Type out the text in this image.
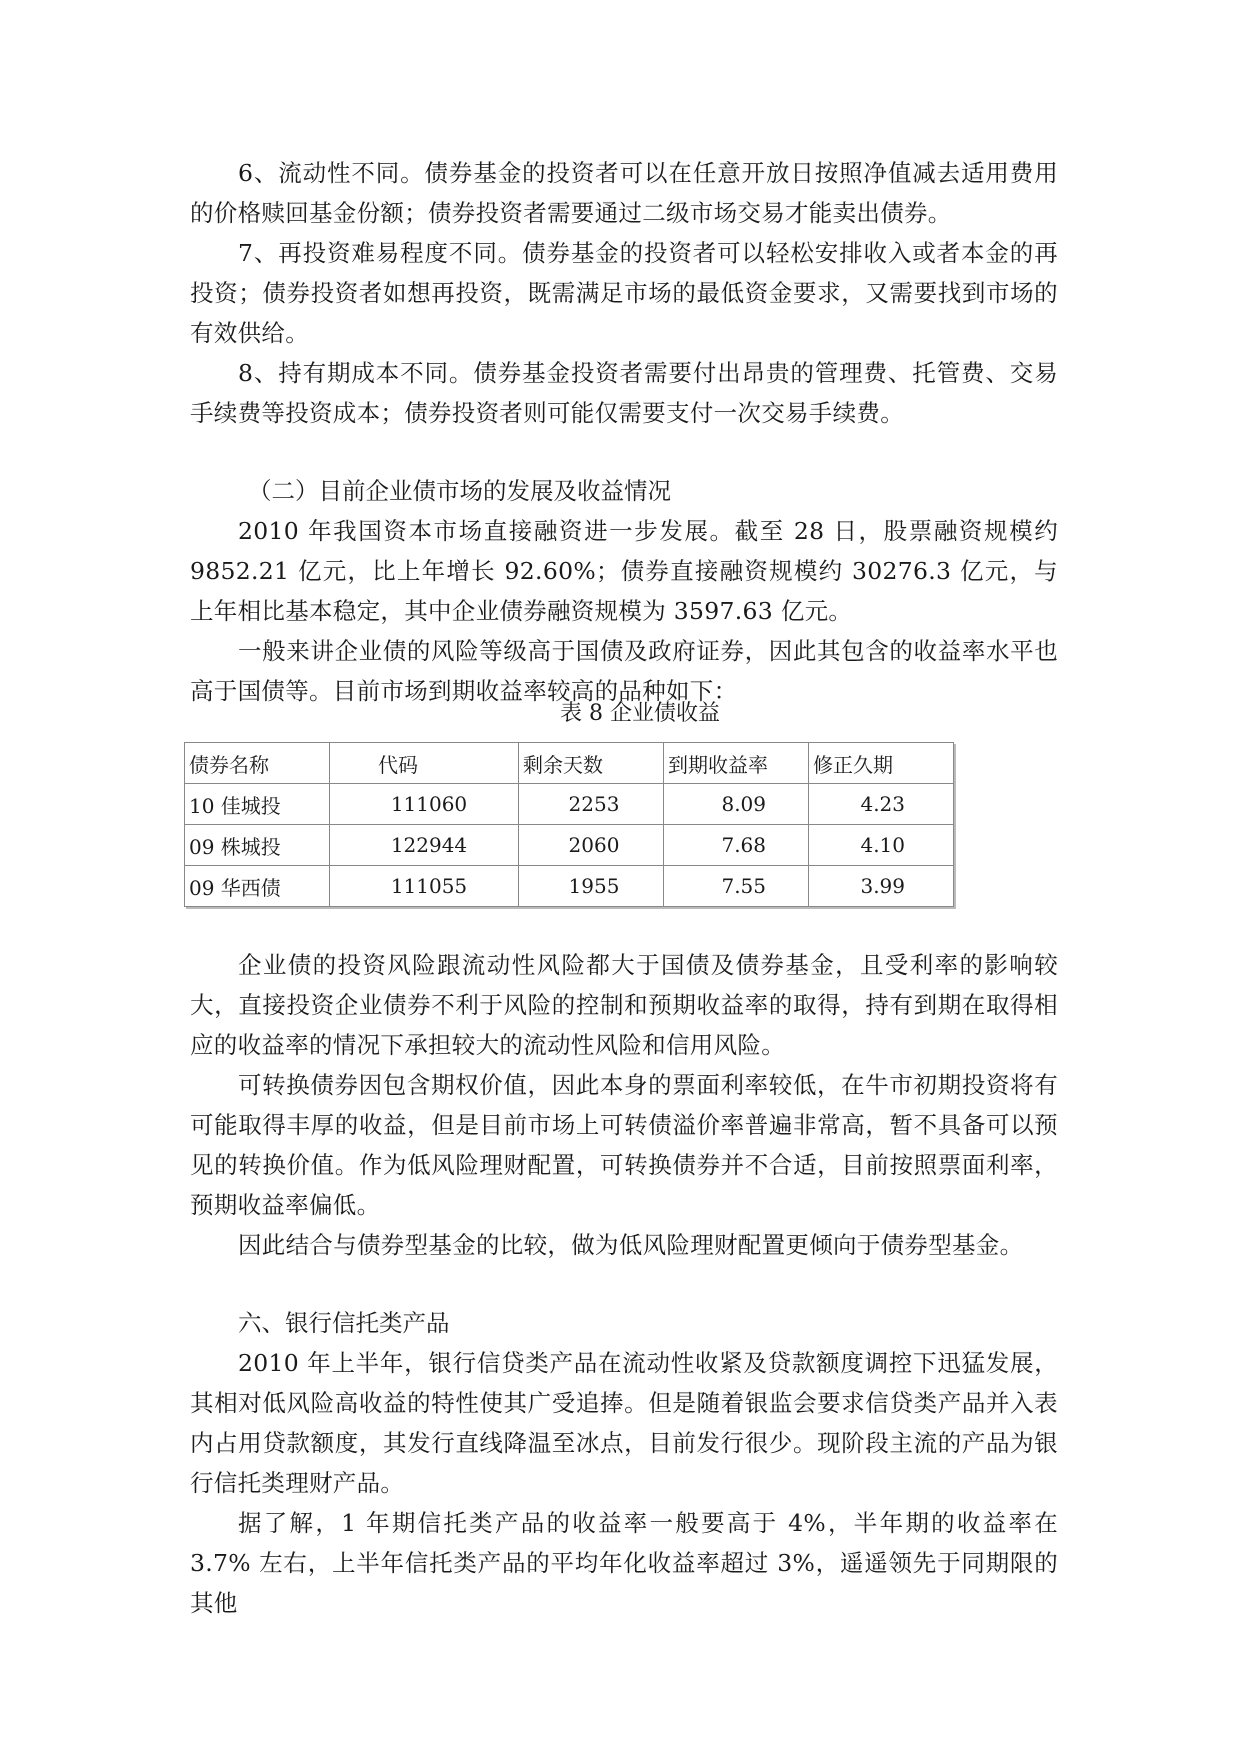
6、流动性不同。债券基金的投资者可以在任意开放日按照净值减去适用费用的价格赎回基金份额；债券投资者需要通过二级市场交易才能卖出债券。

7、再投资难易程度不同。债券基金的投资者可以轻松安排收入或者本金的再投资；债券投资者如想再投资，既需满足市场的最低资金要求，又需要找到市场的有效供给。

8、持有期成本不同。债券基金投资者需要付出昂贵的管理费、托管费、交易手续费等投资成本；债券投资者则可能仅需要支付一次交易手续费。

（二）目前企业债市场的发展及收益情况

2010 年我国资本市场直接融资进一步发展。截至 28 日，股票融资规模约 9852.21 亿元，比上年增长 92.60%；债券直接融资规模约 30276.3 亿元，与上年相比基本稳定，其中企业债券融资规模为 3597.63 亿元。

一般来讲企业债的风险等级高于国债及政府证券，因此其包含的收益率水平也高于国债等。目前市场到期收益率较高的品种如下：

表 8 企业债收益
债券名称	代码	剩余天数	到期收益率	修正久期
10 佳城投	111060	2253	8.09	4.23
09 株城投	122944	2060	7.68	4.10
09 华西债	111055	1955	7.55	3.99

企业债的投资风险跟流动性风险都大于国债及债券基金，且受利率的影响较大，直接投资企业债券不利于风险的控制和预期收益率的取得，持有到期在取得相应的收益率的情况下承担较大的流动性风险和信用风险。

可转换债券因包含期权价值，因此本身的票面利率较低，在牛市初期投资将有可能取得丰厚的收益，但是目前市场上可转债溢价率普遍非常高，暂不具备可以预见的转换价值。作为低风险理财配置，可转换债券并不合适，目前按照票面利率，预期收益率偏低。

因此结合与债券型基金的比较，做为低风险理财配置更倾向于债券型基金。

六、银行信托类产品

2010 年上半年，银行信贷类产品在流动性收紧及贷款额度调控下迅猛发展，其相对低风险高收益的特性使其广受追捧。但是随着银监会要求信贷类产品并入表内占用贷款额度，其发行直线降温至冰点，目前发行很少。现阶段主流的产品为银行信托类理财产品。

据了解，1 年期信托类产品的收益率一般要高于 4%，半年期的收益率在 3.7% 左右，上半年信托类产品的平均年化收益率超过 3%，遥遥领先于同期限的其他
